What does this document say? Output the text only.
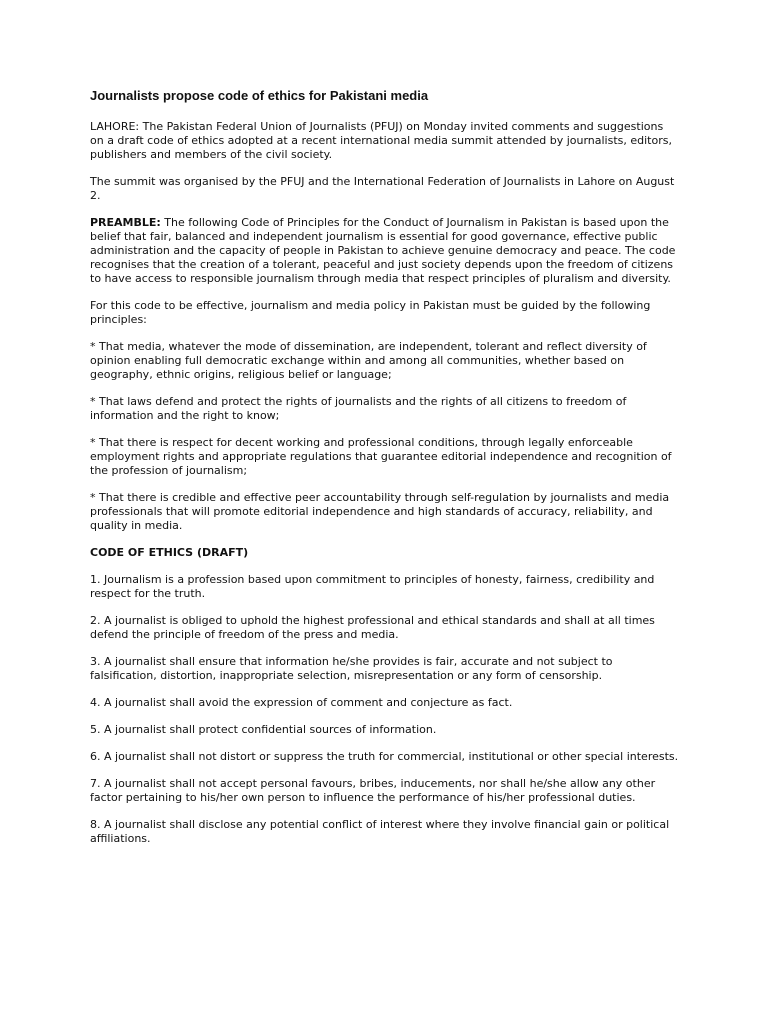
Journalists propose code of ethics for Pakistani media

LAHORE: The Pakistan Federal Union of Journalists (PFUJ) on Monday invited comments and suggestions on a draft code of ethics adopted at a recent international media summit attended by journalists, editors, publishers and members of the civil society.

The summit was organised by the PFUJ and the International Federation of Journalists in Lahore on August 2.

PREAMBLE: The following Code of Principles for the Conduct of Journalism in Pakistan is based upon the belief that fair, balanced and independent journalism is essential for good governance, effective public administration and the capacity of people in Pakistan to achieve genuine democracy and peace. The code recognises that the creation of a tolerant, peaceful and just society depends upon the freedom of citizens to have access to responsible journalism through media that respect principles of pluralism and diversity.

For this code to be effective, journalism and media policy in Pakistan must be guided by the following principles:

* That media, whatever the mode of dissemination, are independent, tolerant and reflect diversity of opinion enabling full democratic exchange within and among all communities, whether based on geography, ethnic origins, religious belief or language;

* That laws defend and protect the rights of journalists and the rights of all citizens to freedom of information and the right to know;

* That there is respect for decent working and professional conditions, through legally enforceable employment rights and appropriate regulations that guarantee editorial independence and recognition of the profession of journalism;

* That there is credible and effective peer accountability through self-regulation by journalists and media professionals that will promote editorial independence and high standards of accuracy, reliability, and quality in media.

CODE OF ETHICS (DRAFT)

1. Journalism is a profession based upon commitment to principles of honesty, fairness, credibility and respect for the truth.

2. A journalist is obliged to uphold the highest professional and ethical standards and shall at all times defend the principle of freedom of the press and media.

3. A journalist shall ensure that information he/she provides is fair, accurate and not subject to falsification, distortion, inappropriate selection, misrepresentation or any form of censorship.

4. A journalist shall avoid the expression of comment and conjecture as fact.

5. A journalist shall protect confidential sources of information.

6. A journalist shall not distort or suppress the truth for commercial, institutional or other special interests.

7. A journalist shall not accept personal favours, bribes, inducements, nor shall he/she allow any other factor pertaining to his/her own person to influence the performance of his/her professional duties.

8. A journalist shall disclose any potential conflict of interest where they involve financial gain or political affiliations.
